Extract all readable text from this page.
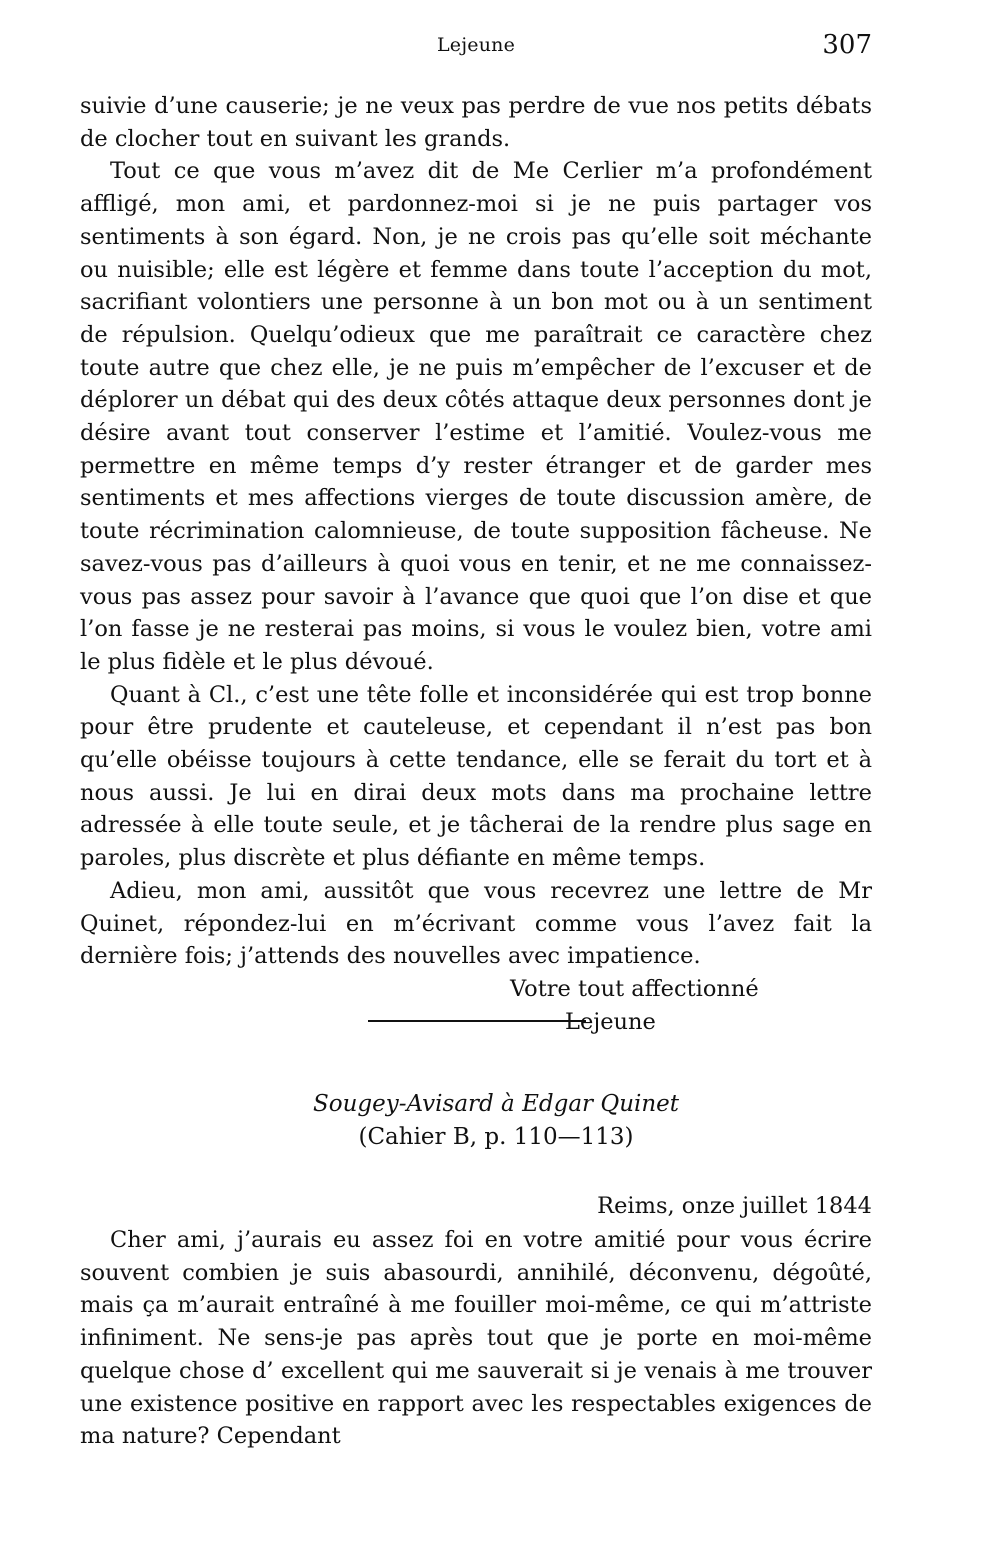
Lejeune	307

suivie d’une causerie; je ne veux pas perdre de vue nos petits débats de clocher tout en suivant les grands.

Tout ce que vous m’avez dit de Me Cerlier m’a profondément affligé, mon ami, et pardonnez-moi si je ne puis partager vos sentiments à son égard. Non, je ne crois pas qu’elle soit méchante ou nuisible; elle est légère et femme dans toute l’acception du mot, sacrifiant volontiers une personne à un bon mot ou à un sentiment de répulsion. Quelqu’odieux que me paraîtrait ce caractère chez toute autre que chez elle, je ne puis m’empêcher de l’excuser et de déplorer un débat qui des deux côtés attaque deux personnes dont je désire avant tout conserver l’estime et l’amitié. Voulez-vous me permettre en même temps d’y rester étranger et de garder mes sentiments et mes affections vierges de toute discussion amère, de toute récrimination calomnieuse, de toute supposition fâcheuse. Ne savez-vous pas d’ailleurs à quoi vous en tenir, et ne me connaissez-vous pas assez pour savoir à l’avance que quoi que l’on dise et que l’on fasse je ne resterai pas moins, si vous le voulez bien, votre ami le plus fidèle et le plus dévoué.

Quant à Cl., c’est une tête folle et inconsidérée qui est trop bonne pour être prudente et cauteleuse, et cependant il n’est pas bon qu’elle obéisse toujours à cette tendance, elle se ferait du tort et à nous aussi. Je lui en dirai deux mots dans ma prochaine lettre adressée à elle toute seule, et je tâcherai de la rendre plus sage en paroles, plus discrète et plus défiante en même temps.

Adieu, mon ami, aussitôt que vous recevrez une lettre de Mr Quinet, répondez-lui en m’écrivant comme vous l’avez fait la dernière fois; j’attends des nouvelles avec impatience.

Votre tout affectionné

Lejeune

Sougey-Avisard à Edgar Quinet
(Cahier B, p. 110—113)
Reims, onze juillet 1844

Cher ami, j’aurais eu assez foi en votre amitié pour vous écrire souvent combien je suis abasourdi, annihilé, déconvenu, dégoûté, mais ça m’aurait entraîné à me fouiller moi-même, ce qui m’attriste infiniment. Ne sens-je pas après tout que je porte en moi-même quelque chose d’ excellent qui me sauverait si je venais à me trouver une existence positive en rapport avec les respectables exigences de ma nature? Cependant
